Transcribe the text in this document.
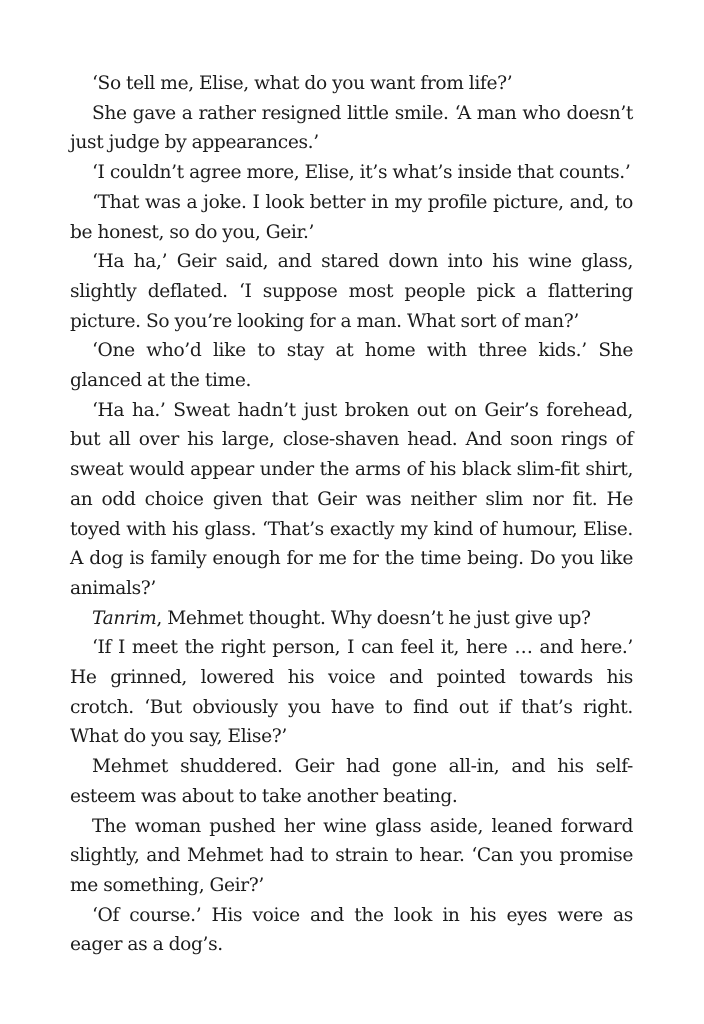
‘So tell me, Elise, what do you want from life?’

She gave a rather resigned little smile. ‘A man who doesn’t just judge by appearances.’

‘I couldn’t agree more, Elise, it’s what’s inside that counts.’

‘That was a joke. I look better in my profile picture, and, to be honest, so do you, Geir.’

‘Ha ha,’ Geir said, and stared down into his wine glass, slightly deflated. ‘I suppose most people pick a flattering picture. So you’re looking for a man. What sort of man?’

‘One who’d like to stay at home with three kids.’ She glanced at the time.

‘Ha ha.’ Sweat hadn’t just broken out on Geir’s forehead, but all over his large, close-shaven head. And soon rings of sweat would appear under the arms of his black slim-fit shirt, an odd choice given that Geir was neither slim nor fit. He toyed with his glass. ‘That’s exactly my kind of humour, Elise. A dog is family enough for me for the time being. Do you like animals?’

Tanrim, Mehmet thought. Why doesn’t he just give up?

‘If I meet the right person, I can feel it, here … and here.’ He grinned, lowered his voice and pointed towards his crotch. ‘But obviously you have to find out if that’s right. What do you say, Elise?’

Mehmet shuddered. Geir had gone all-in, and his self-esteem was about to take another beating.

The woman pushed her wine glass aside, leaned forward slightly, and Mehmet had to strain to hear. ‘Can you promise me something, Geir?’

‘Of course.’ His voice and the look in his eyes were as eager as a dog’s.
